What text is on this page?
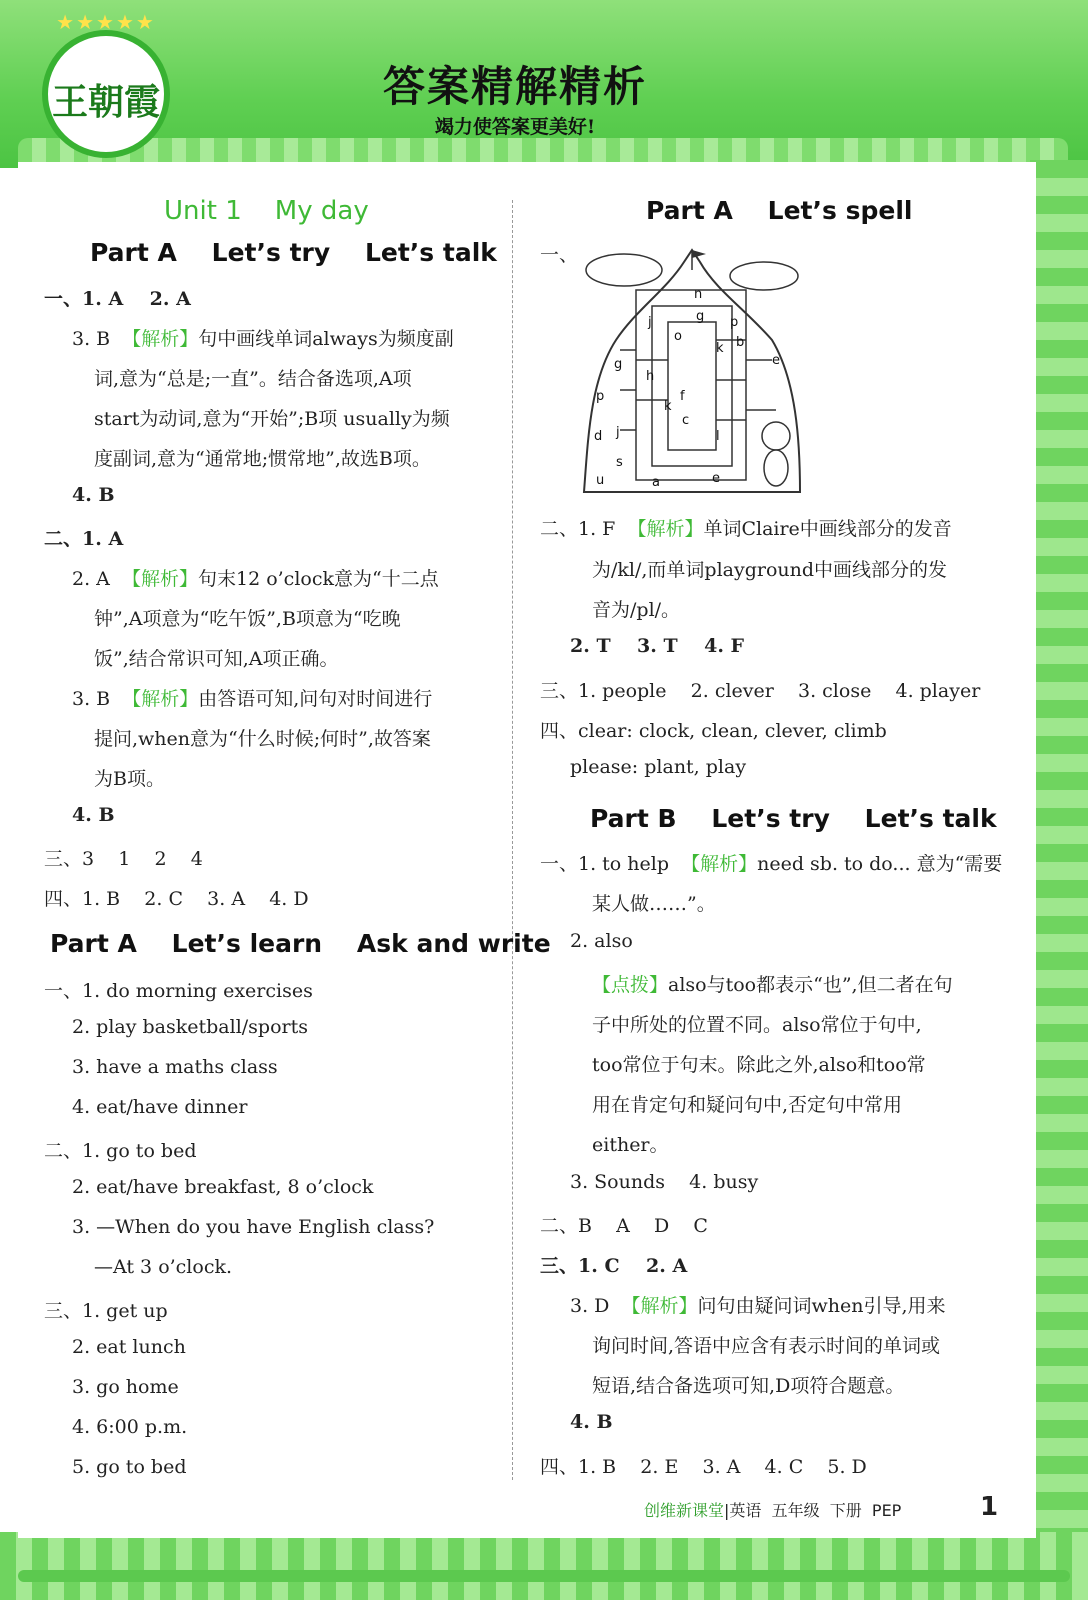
★★★★★
王朝霞	答案精解精析
竭力使答案更美好!
Unit 1    My day
Part A    Let’s try    Let’s talk
一、1. A    2. A
3. B  【解析】句中画线单词always为频度副
词,意为“总是;一直”。结合备选项,A项
start为动词,意为“开始”;B项 usually为频
度副词,意为“通常地;惯常地”,故选B项。
4. B
二、1. A
2. A  【解析】句末12 o’clock意为“十二点
钟”,A项意为“吃午饭”,B项意为“吃晚
饭”,结合常识可知,A项正确。
3. B  【解析】由答语可知,问句对时间进行
提问,when意为“什么时候;何时”,故答案
为B项。
4. B
三、3    1    2    4
四、1. B    2. C    3. A    4. D
Part A    Let’s learn    Ask and write
一、1. do morning exercises
2. play basketball/sports
3. have a maths class
4. eat/have dinner
二、1. go to bed
2. eat/have breakfast, 8 o’clock
3. —When do you have English class?
—At 3 o’clock.
三、1. get up
2. eat lunch
3. go home
4. 6:00 p.m.
5. go to bed
Part A    Let’s spell
一、
j
n
p
g
o
k b
g	e
h
f
p
k
c
j
s
d
u	a	e
l
二、1. F  【解析】单词Claire中画线部分的发音
为/kl/,而单词playground中画线部分的发
音为/pl/。
2. T    3. T    4. F
三、1. people    2. clever    3. close    4. player
四、clear: clock, clean, clever, climb
please: plant, play
Part B    Let’s try    Let’s talk
一、1. to help  【解析】need sb. to do... 意为“需要
某人做……”。
2. also
【点拨】also与too都表示“也”,但二者在句
子中所处的位置不同。also常位于句中,
too常位于句末。除此之外,also和too常
用在肯定句和疑问句中,否定句中常用
either。
3. Sounds    4. busy
二、B    A    D    C
三、1. C    2. A
3. D  【解析】问句由疑问词when引导,用来
询问时间,答语中应含有表示时间的单词或
短语,结合备选项可知,D项符合题意。
4. B
四、1. B    2. E    3. A    4. C    5. D
创维新课堂|英语  五年级  下册  PEP	1
